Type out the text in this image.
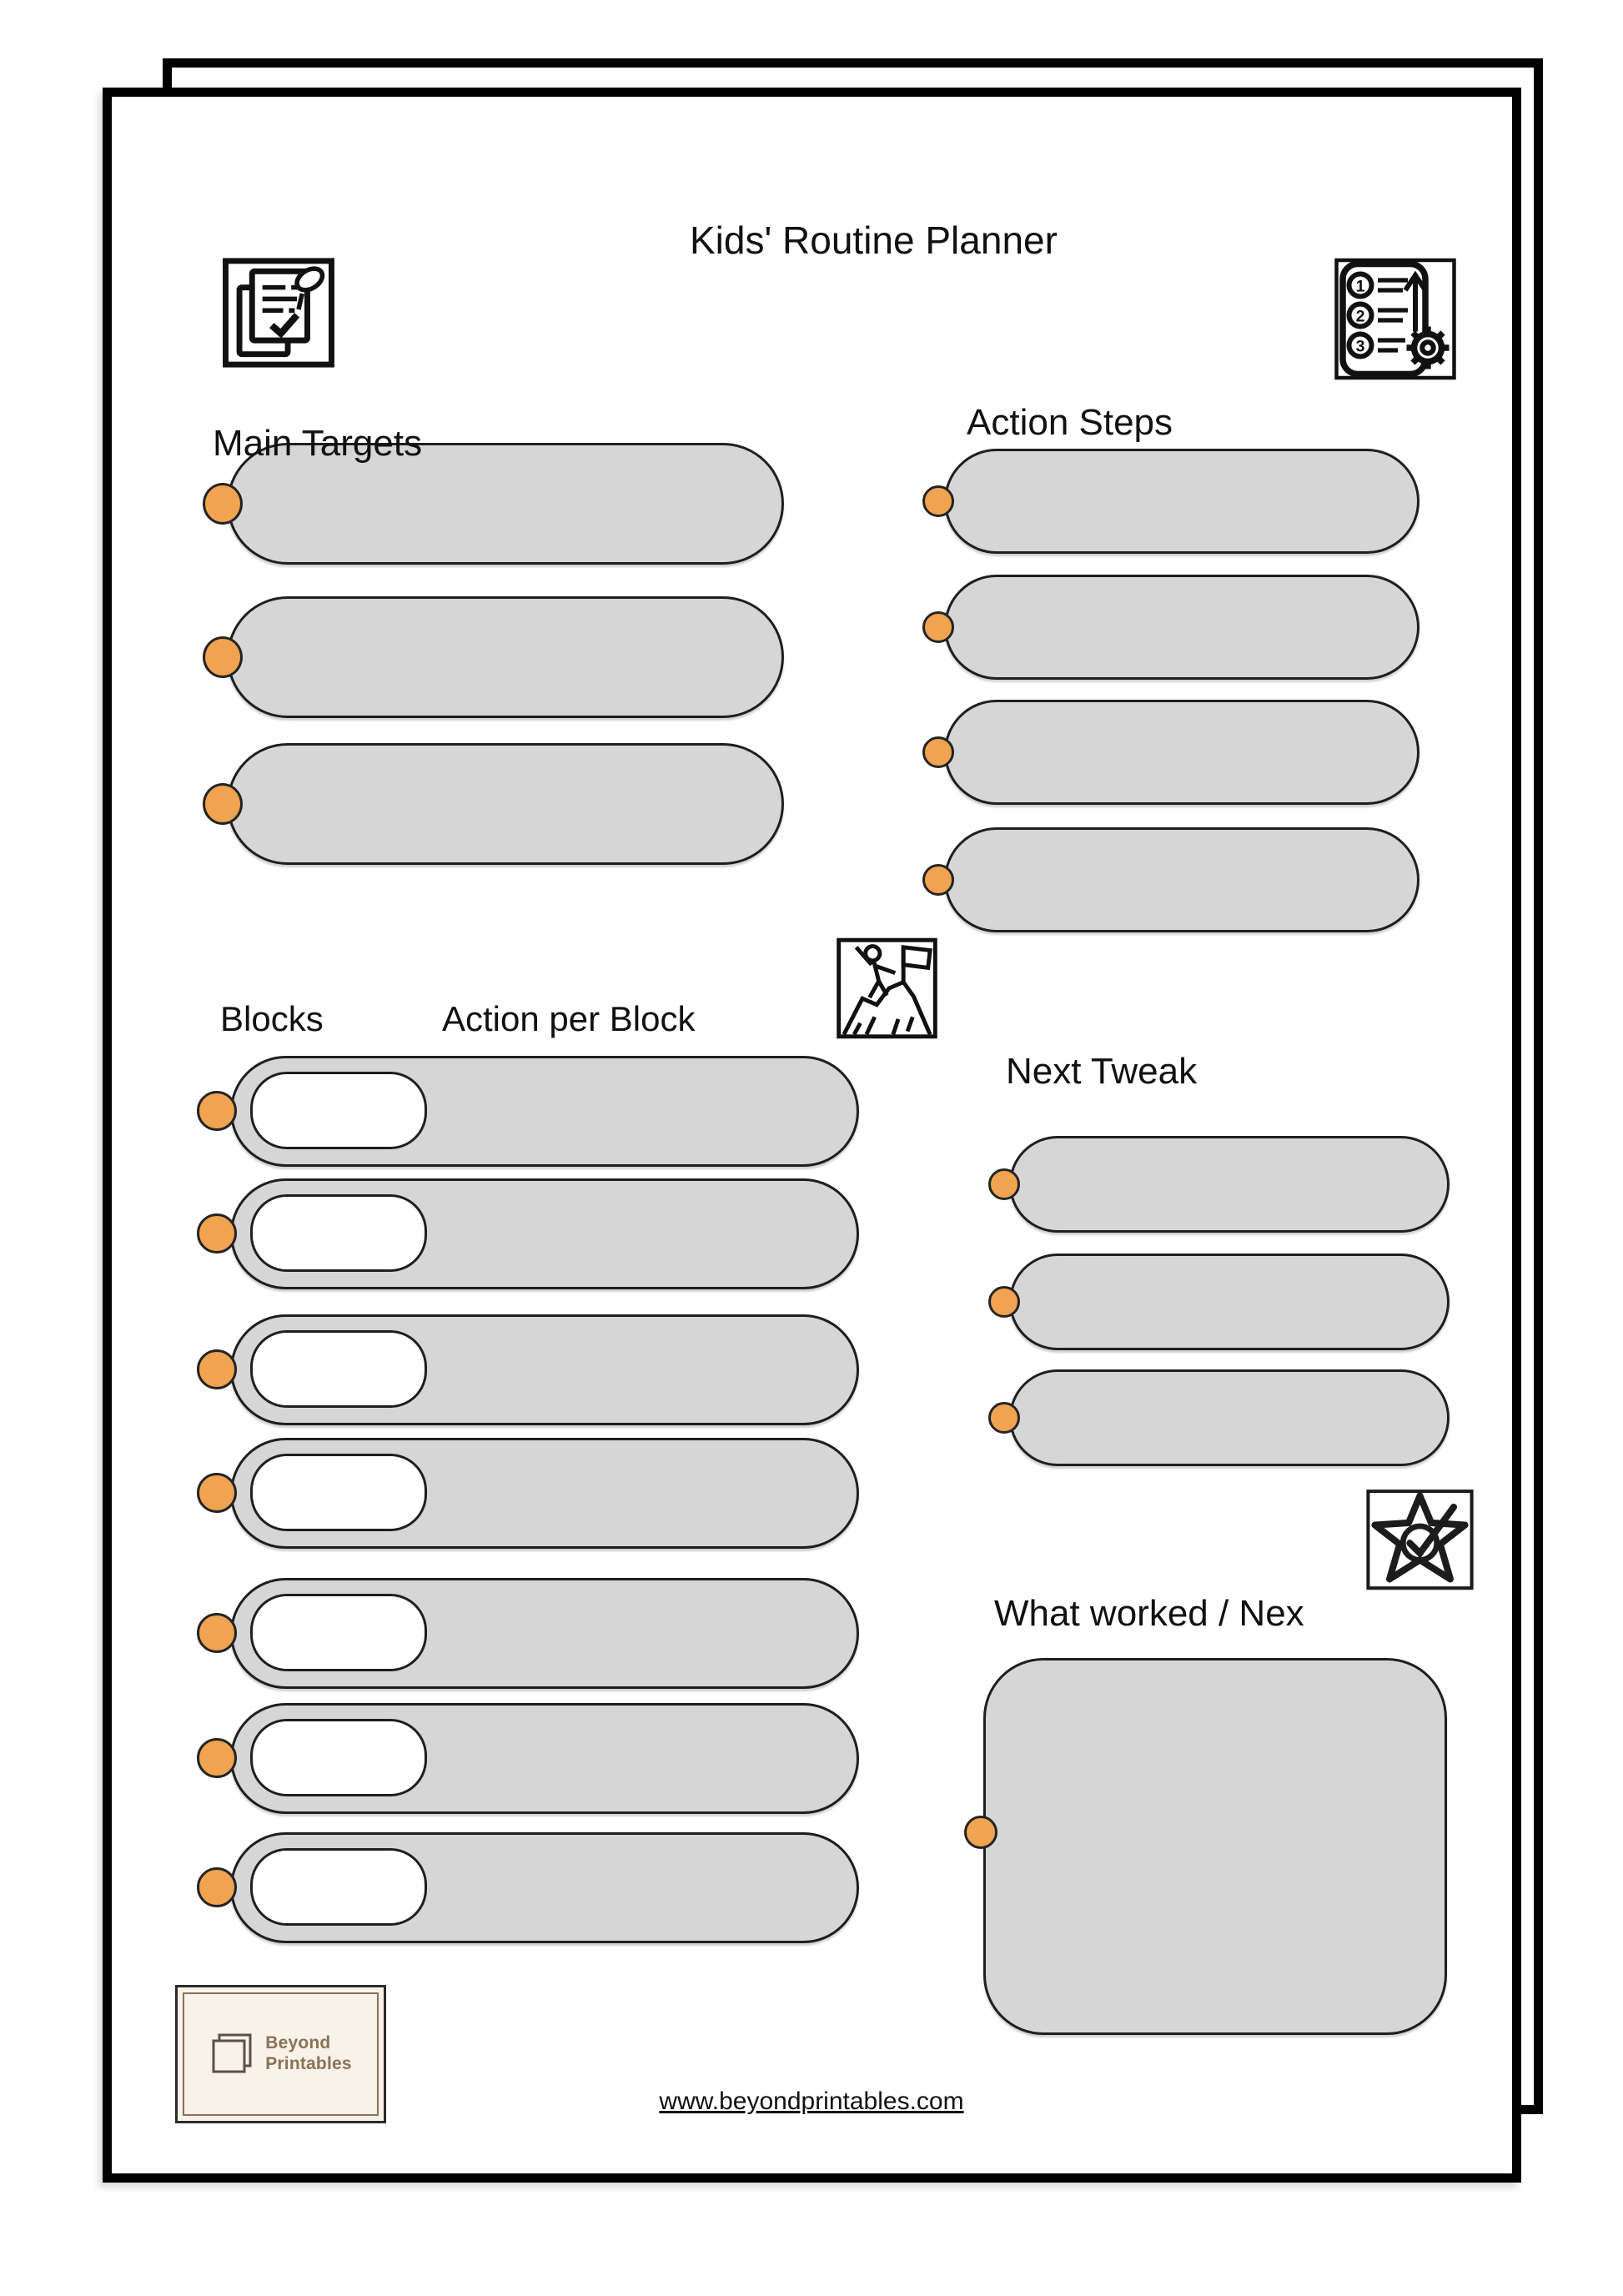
Kids' Routine Planner
1
2
3
Main Targets
Action Steps
Blocks	Action per Block
Next Tweak
What worked / Nex
Beyond
Printables
www.beyondprintables.com
